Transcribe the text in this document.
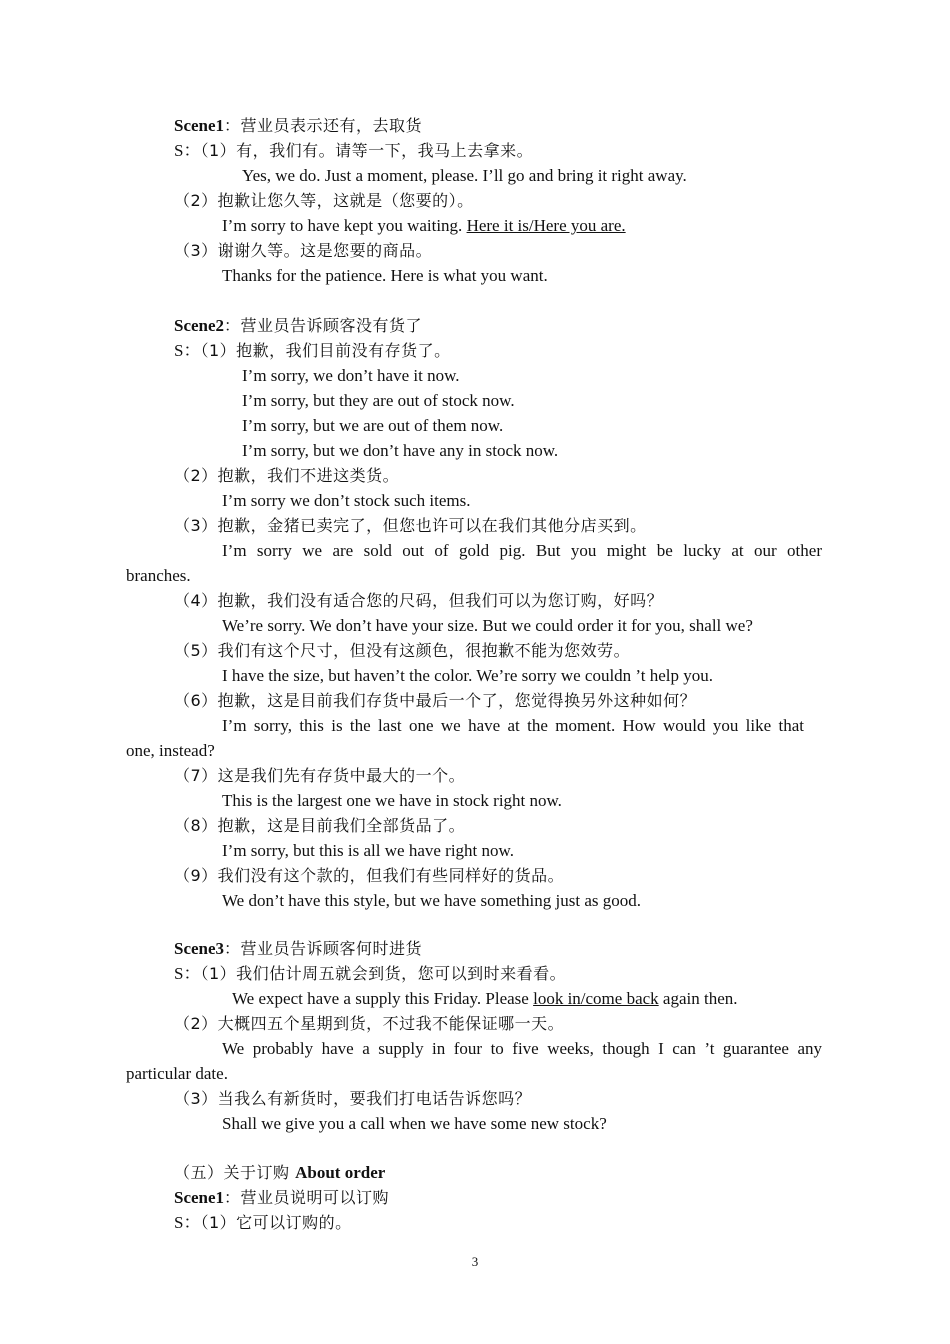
Scene1：营业员表示还有，去取货
S：（1）有，我们有。请等一下，我马上去拿来。
Yes, we do. Just a moment, please. I’ll go and bring it right away.
（2）抱歉让您久等，这就是（您要的）。
I’m sorry to have kept you waiting. Here it is/Here you are.
（3）谢谢久等。这是您要的商品。
Thanks for the patience. Here is what you want.
Scene2：营业员告诉顾客没有货了
S：（1）抱歉，我们目前没有存货了。
I’m sorry, we don’t have it now.
I’m sorry, but they are out of stock now.
I’m sorry, but we are out of them now.
I’m sorry, but we don’t have any in stock now.
（2）抱歉，我们不进这类货。
I’m sorry we don’t stock such items.
（3）抱歉，金猪已卖完了，但您也许可以在我们其他分店买到。
I’m sorry we are sold out of gold pig. But you might be lucky at our other
branches.
（4）抱歉，我们没有适合您的尺码，但我们可以为您订购，好吗？
We’re sorry. We don’t have your size. But we could order it for you, shall we?
（5）我们有这个尺寸，但没有这颜色，很抱歉不能为您效劳。
I have the size, but haven’t the color. We’re sorry we couldn ’t help you.
（6）抱歉，这是目前我们存货中最后一个了，您觉得换另外这种如何？
I’m sorry, this is the last one we have at the moment. How would you like that
one, instead?
（7）这是我们先有存货中最大的一个。
This is the largest one we have in stock right now.
（8）抱歉，这是目前我们全部货品了。
I’m sorry, but this is all we have right now.
（9）我们没有这个款的，但我们有些同样好的货品。
We don’t have this style, but we have something just as good.
Scene3：营业员告诉顾客何时进货
S：（1）我们估计周五就会到货，您可以到时来看看。
We expect have a supply this Friday. Please look in/come back again then.
（2）大概四五个星期到货，不过我不能保证哪一天。
We probably have a supply in four to five weeks, though I can ’t guarantee any
particular date.
（3）当我么有新货时，要我们打电话告诉您吗？
Shall we give you a call when we have some new stock?
（五）关于订购 About order
Scene1：营业员说明可以订购
S：（1）它可以订购的。
3
